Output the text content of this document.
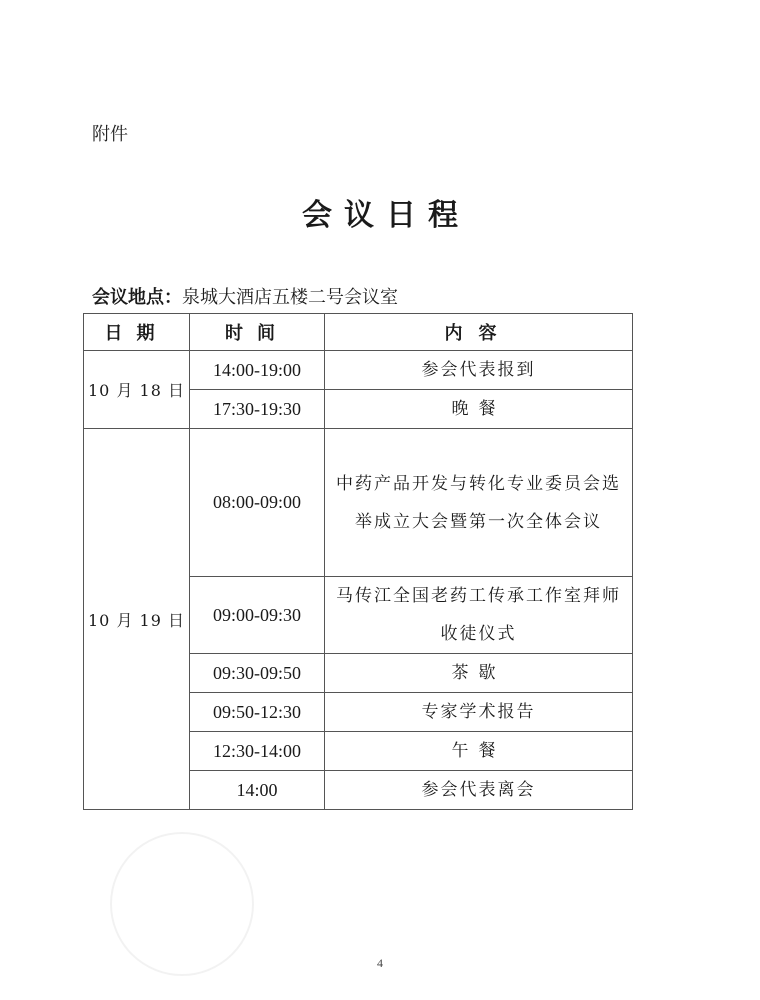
附件
会议日程
会议地点：泉城大酒店五楼二号会议室
日期	时间	内容
10 月 18 日	14:00-19:00	参会代表报到
	17:30-19:30	晚餐
10 月 19 日	08:00-09:00	中药产品开发与转化专业委员会选举成立大会暨第一次全体会议
	09:00-09:30	马传江全国老药工传承工作室拜师收徒仪式
	09:30-09:50	茶歇
	09:50-12:30	专家学术报告
	12:30-14:00	午餐
	14:00	参会代表离会
4
